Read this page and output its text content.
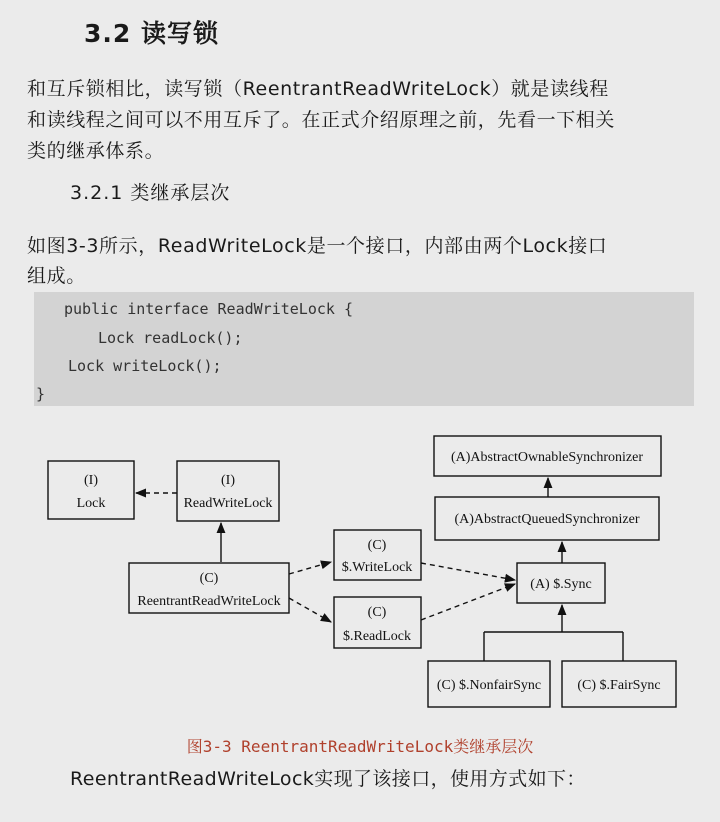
3.2 读写锁
和互斥锁相比，读写锁（ReentrantReadWriteLock）就是读线程
和读线程之间可以不用互斥了。在正式介绍原理之前，先看一下相关
类的继承体系。
3.2.1 类继承层次
如图3-3所示，ReadWriteLock是一个接口，内部由两个Lock接口
组成。
public interface ReadWriteLock {
Lock readLock();
Lock writeLock();
}
(I)
Lock
(I)
ReadWriteLock
(C)
ReentrantReadWriteLock
(C)
$.WriteLock
(C)
$.ReadLock
(A) $.Sync
(A)AbstractOwnableSynchronizer
(A)AbstractQueuedSynchronizer
(C) $.NonfairSync	(C) $.FairSync
图3-3 ReentrantReadWriteLock类继承层次
ReentrantReadWriteLock实现了该接口，使用方式如下：
